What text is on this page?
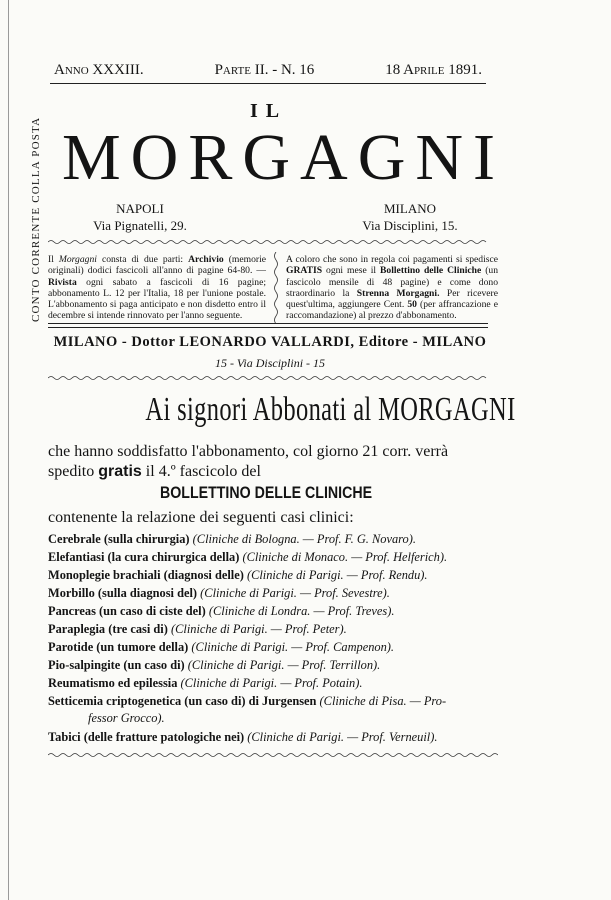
CONTO CORRENTE COLLA POSTA
Anno XXXIII.	Parte II. - N. 16	18 Aprile 1891.
IL
MORGAGNI
NAPOLI
Via Pignatelli, 29.
MILANO
Via Disciplini, 15.
Il Morgagni consta di due parti: Archivio (memorie originali) dodici fascicoli all'anno di pagine 64-80. — Rivista ogni sabato a fascicoli di 16 pagine; abbonamento L. 12 per l'Italia, 18 per l'unione postale. L'abbonamento si paga anticipato e non disdetto entro il decembre si intende rinnovato per l'anno seguente.
A coloro che sono in regola coi pagamenti si spedisce GRATIS ogni mese il Bollettino delle Cliniche (un fascicolo mensile di 48 pagine) e come dono straordinario la Strenna Morgagni. Per ricevere quest'ultima, aggiungere Cent. 50 (per affrancazione e raccomandazione) al prezzo d'abbonamento.
MILANO - Dottor LEONARDO VALLARDI, Editore - MILANO
15 - Via Disciplini - 15
Ai signori Abbonati al MORGAGNI
che hanno soddisfatto l'abbonamento, col giorno 21 corr. verrà
spedito gratis il 4.º fascicolo del
BOLLETTINO DELLE CLINICHE
contenente la relazione dei seguenti casi clinici:
Cerebrale (sulla chirurgia) (Cliniche di Bologna. — Prof. F. G. Novaro).
Elefantiasi (la cura chirurgica della) (Cliniche di Monaco. — Prof. Helferich).
Monoplegie brachiali (diagnosi delle) (Cliniche di Parigi. — Prof. Rendu).
Morbillo (sulla diagnosi del) (Cliniche di Parigi. — Prof. Sevestre).
Pancreas (un caso di ciste del) (Cliniche di Londra. — Prof. Treves).
Paraplegia (tre casi di) (Cliniche di Parigi. — Prof. Peter).
Parotide (un tumore della) (Cliniche di Parigi. — Prof. Campenon).
Pio-salpingite (un caso di) (Cliniche di Parigi. — Prof. Terrillon).
Reumatismo ed epilessia (Cliniche di Parigi. — Prof. Potain).
Setticemia criptogenetica (un caso di) di Jurgensen (Cliniche di Pisa. — Pro-
fessor Grocco).
Tabici (delle fratture patologiche nei) (Cliniche di Parigi. — Prof. Verneuil).
